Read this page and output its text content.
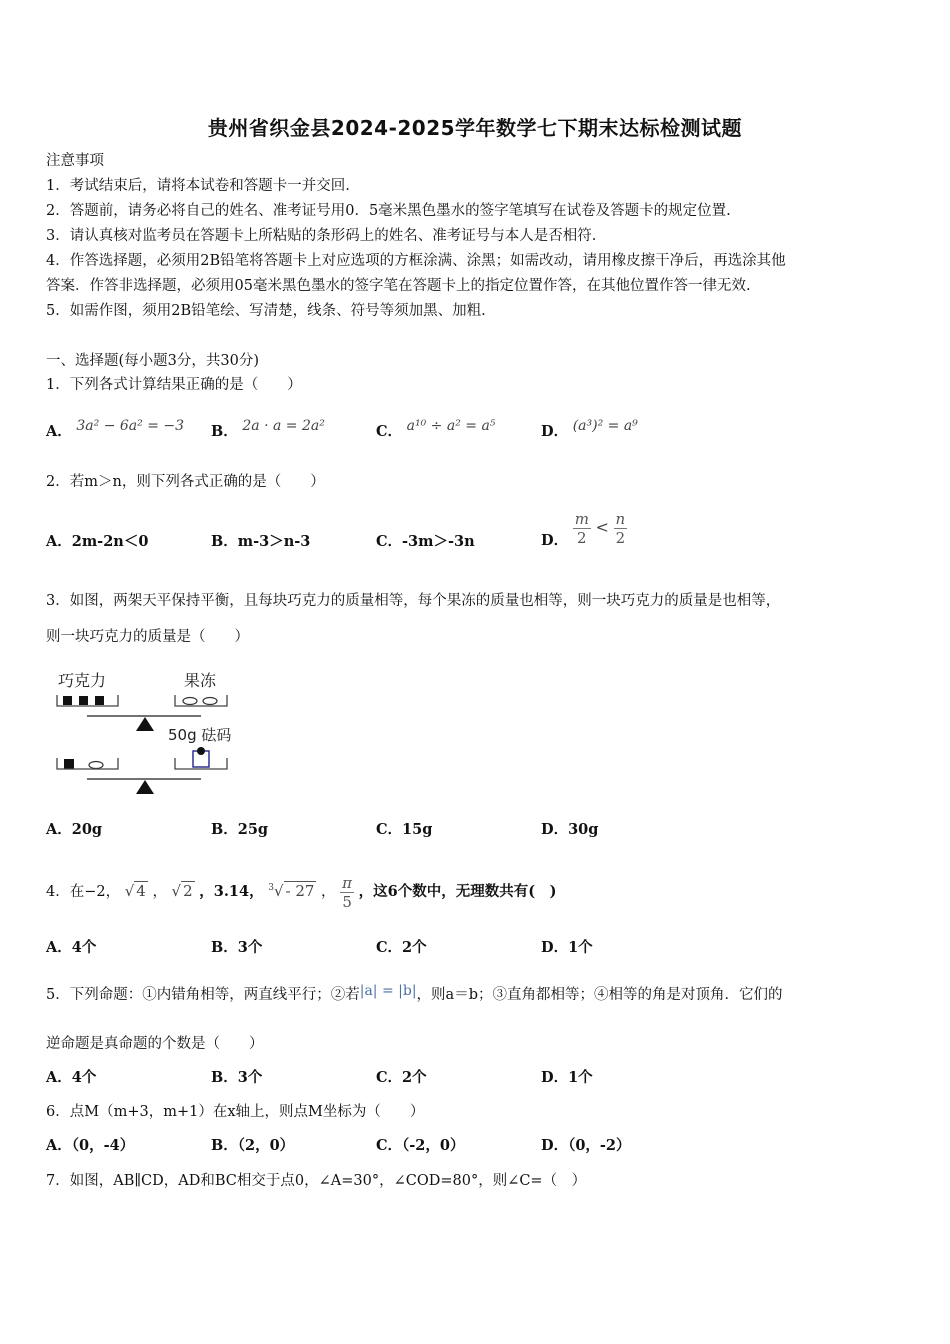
贵州省织金县2024-2025学年数学七下期末达标检测试题
注意事项
1．考试结束后，请将本试卷和答题卡一并交回.
2．答题前，请务必将自己的姓名、准考证号用0．5毫米黑色墨水的签字笔填写在试卷及答题卡的规定位置.
3．请认真核对监考员在答题卡上所粘贴的条形码上的姓名、准考证号与本人是否相符.
4．作答选择题，必须用2B铅笔将答题卡上对应选项的方框涂满、涂黑；如需改动，请用橡皮擦干净后，再选涂其他
答案．作答非选择题，必须用05毫米黑色墨水的签字笔在答题卡上的指定位置作答，在其他位置作答一律无效.
5．如需作图，须用2B铅笔绘、写清楚，线条、符号等须加黑、加粗.
一、选择题(每小题3分，共30分)
1．下列各式计算结果正确的是（　　）
A． 3a² − 6a² = −3 B． 2a · a = 2a²	C． a¹⁰ ÷ a² = a⁵	D． (a³)² = a⁹
2．若m＞n，则下列各式正确的是（　　）
A．2m-2n＜0	B．m-3＞n-3	C．-3m＞-3n	D． $\frac{m}{2} < \frac{n}{2}$
3．如图，两架天平保持平衡，且每块巧克力的质量相等，每个果冻的质量也相等，则一块巧克力的质量是也相等，
则一块巧克力的质量是（　　）
巧克力	果冻
50g 砝码
A．20g	B．25g	C．15g	D．30g
4．在−2， √ 4 ， √ 2 ，3.14， $^3$√ - 27 ， $\frac{\pi}{5}$ ，这6个数中，无理数共有(　)
A．4个	B．3个	C．2个	D．1个
5．下列命题：①内错角相等，两直线平行；②若|a| = |b|，则a＝b；③直角都相等；④相等的角是对顶角．它们的
逆命题是真命题的个数是（　　）
A．4个	B．3个	C．2个	D．1个
6．点M（m+3，m+1）在x轴上，则点M坐标为（　　）
A．（0，-4）	B．（2，0）	C．（-2，0）	D．（0，-2）
7．如图，AB∥CD，AD和BC相交于点0，∠A=30°，∠COD=80°，则∠C=（　）
